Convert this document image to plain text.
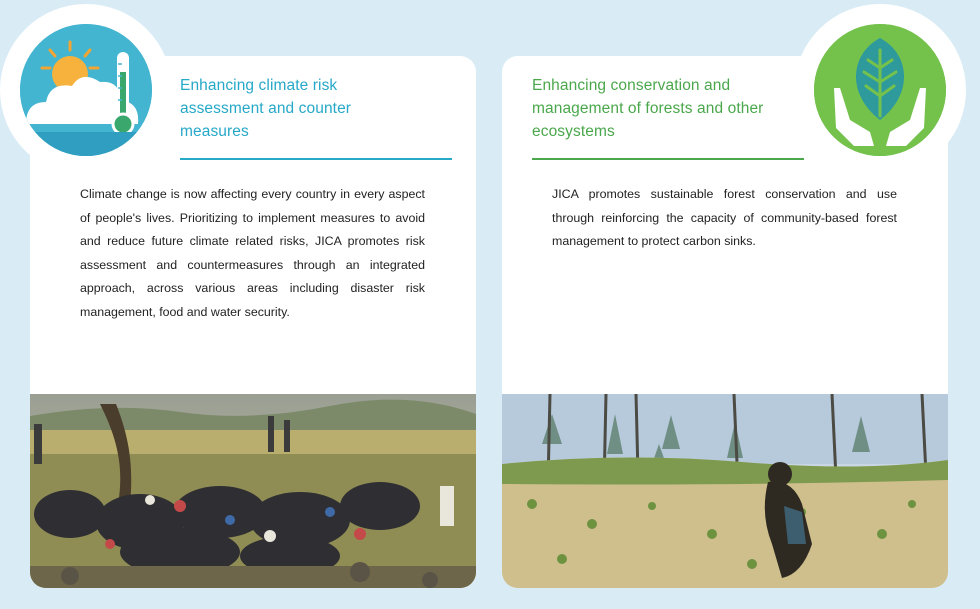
Enhancing climate risk assessment and counter measures
Climate change is now affecting every country in every aspect of people's lives. Prioritizing to implement measures to avoid and reduce future climate related risks, JICA promotes risk assessment and countermeasures through an integrated approach, across various areas including disaster risk management, food and water security.
Enhancing conservation and management of forests and other ecosystems
JICA promotes sustainable forest conservation and use through reinforcing the capacity of community-based forest management to protect carbon sinks.
